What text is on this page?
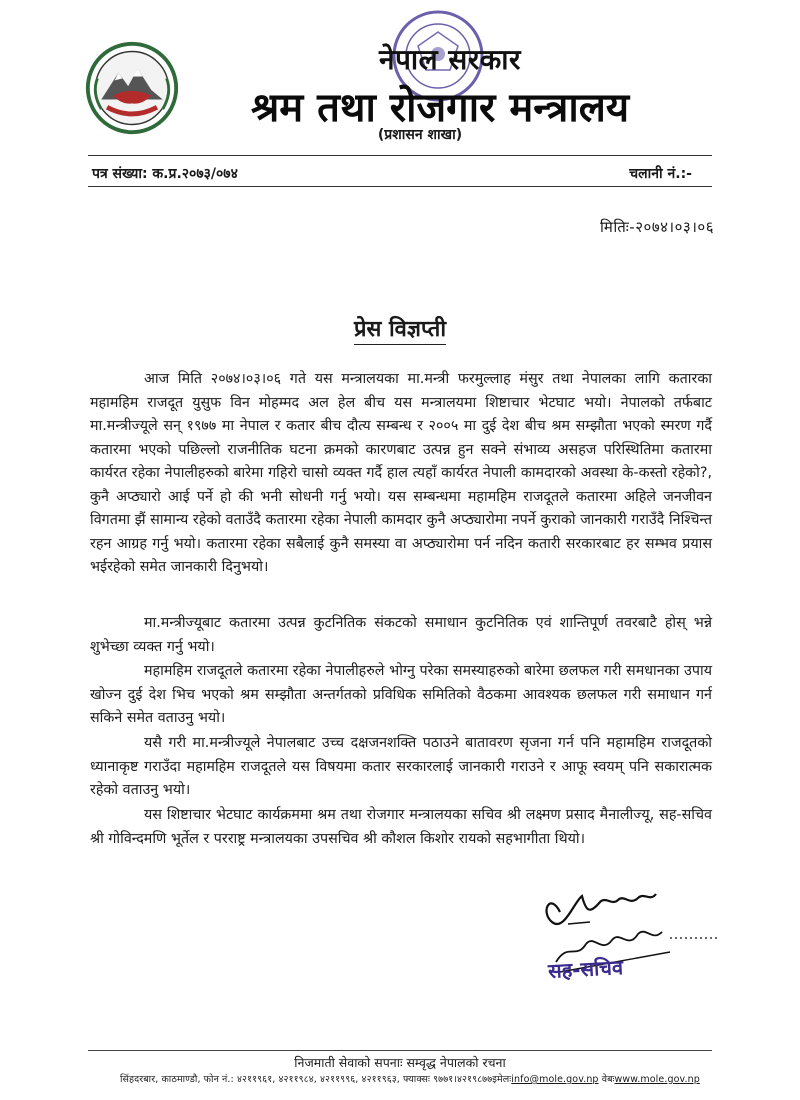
नेपाल सरकार
श्रम तथा रोजगार मन्त्रालय
(प्रशासन शाखा)
पत्र संख्या: क.प्र.२०७३/०७४	चलानी नं.:-
मितिः-२०७४।०३।०६
प्रेस विज्ञप्ती

आज मिति २०७४।०३।०६ गते यस मन्त्रालयका मा.मन्त्री फरमुल्लाह मंसुर तथा नेपालका लागि कतारका महामहिम राजदूत युसुफ विन मोहम्मद अल हेल बीच यस मन्त्रालयमा शिष्टाचार भेटघाट भयो। नेपालको तर्फबाट मा.मन्त्रीज्यूले सन् १९७७ मा नेपाल र कतार बीच दौत्य सम्बन्ध र २००५ मा दुई देश बीच श्रम सम्झौता भएको स्मरण गर्दै कतारमा भएको पछिल्लो राजनीतिक घटना क्रमको कारणबाट उत्पन्न हुन सक्ने संभाव्य असहज परिस्थितिमा कतारमा कार्यरत रहेका नेपालीहरुको बारेमा गहिरो चासो व्यक्त गर्दै हाल त्यहाँ कार्यरत नेपाली कामदारको अवस्था के-कस्तो रहेको?, कुनै अप्ठ्यारो आई पर्ने हो की भनी सोधनी गर्नु भयो। यस सम्बन्धमा महामहिम राजदूतले कतारमा अहिले जनजीवन विगतमा झैं सामान्य रहेको वताउँदै कतारमा रहेका नेपाली कामदार कुनै अप्ठ्यारोमा नपर्ने कुराको जानकारी गराउँदै निश्चिन्त रहन आग्रह गर्नु भयो। कतारमा रहेका सबैलाई कुनै समस्या वा अप्ठ्यारोमा पर्न नदिन कतारी सरकारबाट हर सम्भव प्रयास भईरहेको समेत जानकारी दिनुभयो।

मा.मन्त्रीज्यूबाट कतारमा उत्पन्न कुटनितिक संकटको समाधान कुटनितिक एवं शान्तिपूर्ण तवरबाटै होस् भन्ने शुभेच्छा व्यक्त गर्नु भयो।

महामहिम राजदूतले कतारमा रहेका नेपालीहरुले भोग्नु परेका समस्याहरुको बारेमा छलफल गरी समधानका उपाय खोज्न दुई देश भिच भएको श्रम सम्झौता अन्तर्गतको प्रविधिक समितिको वैठकमा आवश्यक छलफल गरी समाधान गर्न सकिने समेत वताउनु भयो।

यसै गरी मा.मन्त्रीज्यूले नेपालबाट उच्च दक्षजनशक्ति पठाउने बातावरण सृजना गर्न पनि महामहिम राजदूतको ध्यानाकृष्ट गराउँदा महामहिम राजदूतले यस विषयमा कतार सरकारलाई जानकारी गराउने र आफू स्वयम् पनि सकारात्मक रहेको वताउनु भयो।

यस शिष्टाचार भेटघाट कार्यक्रममा श्रम तथा रोजगार मन्त्रालयका सचिव श्री लक्ष्मण प्रसाद मैनालीज्यू, सह-सचिव श्री गोविन्दमणि भूर्तेल र परराष्ट्र मन्त्रालयका उपसचिव श्री कौशल किशोर रायको सहभागीता थियो।

सह-सचिव
निजमाती सेवाको सपनाः सम्वृद्ध नेपालको रचना
सिंहदरबार, काठमाण्डौ, फोन नं.: ४२११९६१, ४२११९८४, ४२११९९६, ४२११९६३, फ्याक्सः ९७७१।४२१९८७७इमेलःinfo@mole.gov.np वेबःwww.mole.gov.np
